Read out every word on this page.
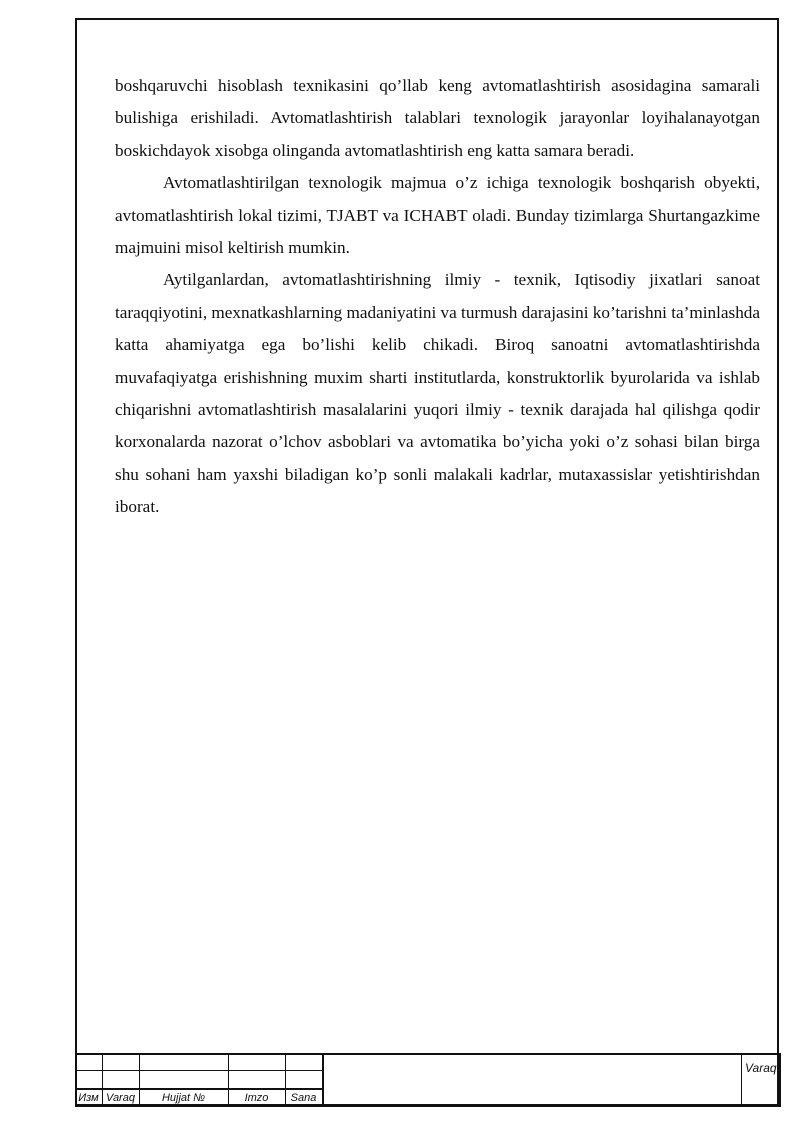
boshqaruvchi hisoblash texnikasini qo’llab keng avtomatlashtirish asosidagina samarali bulishiga erishiladi. Avtomatlashtirish talablari texnologik jarayonlar loyihalanayotgan boskichdayok xisobga olinganda avtomatlashtirish eng katta samara beradi.

Avtomatlashtirilgan texnologik majmua o’z ichiga texnologik boshqarish obyekti, avtomatlashtirish lokal tizimi, TJABT va ICHABT oladi. Bunday tizimlarga Shurtangazkime majmuini misol keltirish mumkin.

Aytilganlardan, avtomatlashtirishning ilmiy - texnik, Iqtisodiy jixatlari sanoat taraqqiyotini, mexnatkashlarning madaniyatini va turmush darajasini ko’tarishni ta’minlashda katta ahamiyatga ega bo’lishi kelib chikadi. Biroq sanoatni avtomatlashtirishda muvafaqiyatga erishishning muxim sharti institutlarda, konstruktorlik byurolarida va ishlab chiqarishni avtomatlashtirish masalalarini yuqori ilmiy - texnik darajada hal qilishga qodir korxonalarda nazorat o’lchov asboblari va avtomatika bo’yicha yoki o’z sohasi bilan birga shu sohani ham yaxshi biladigan ko’p sonli malakali kadrlar, mutaxassislar yetishtirishdan iborat.

Изм Varaq	Hujjat №	Imzo	Sana
Varaq
